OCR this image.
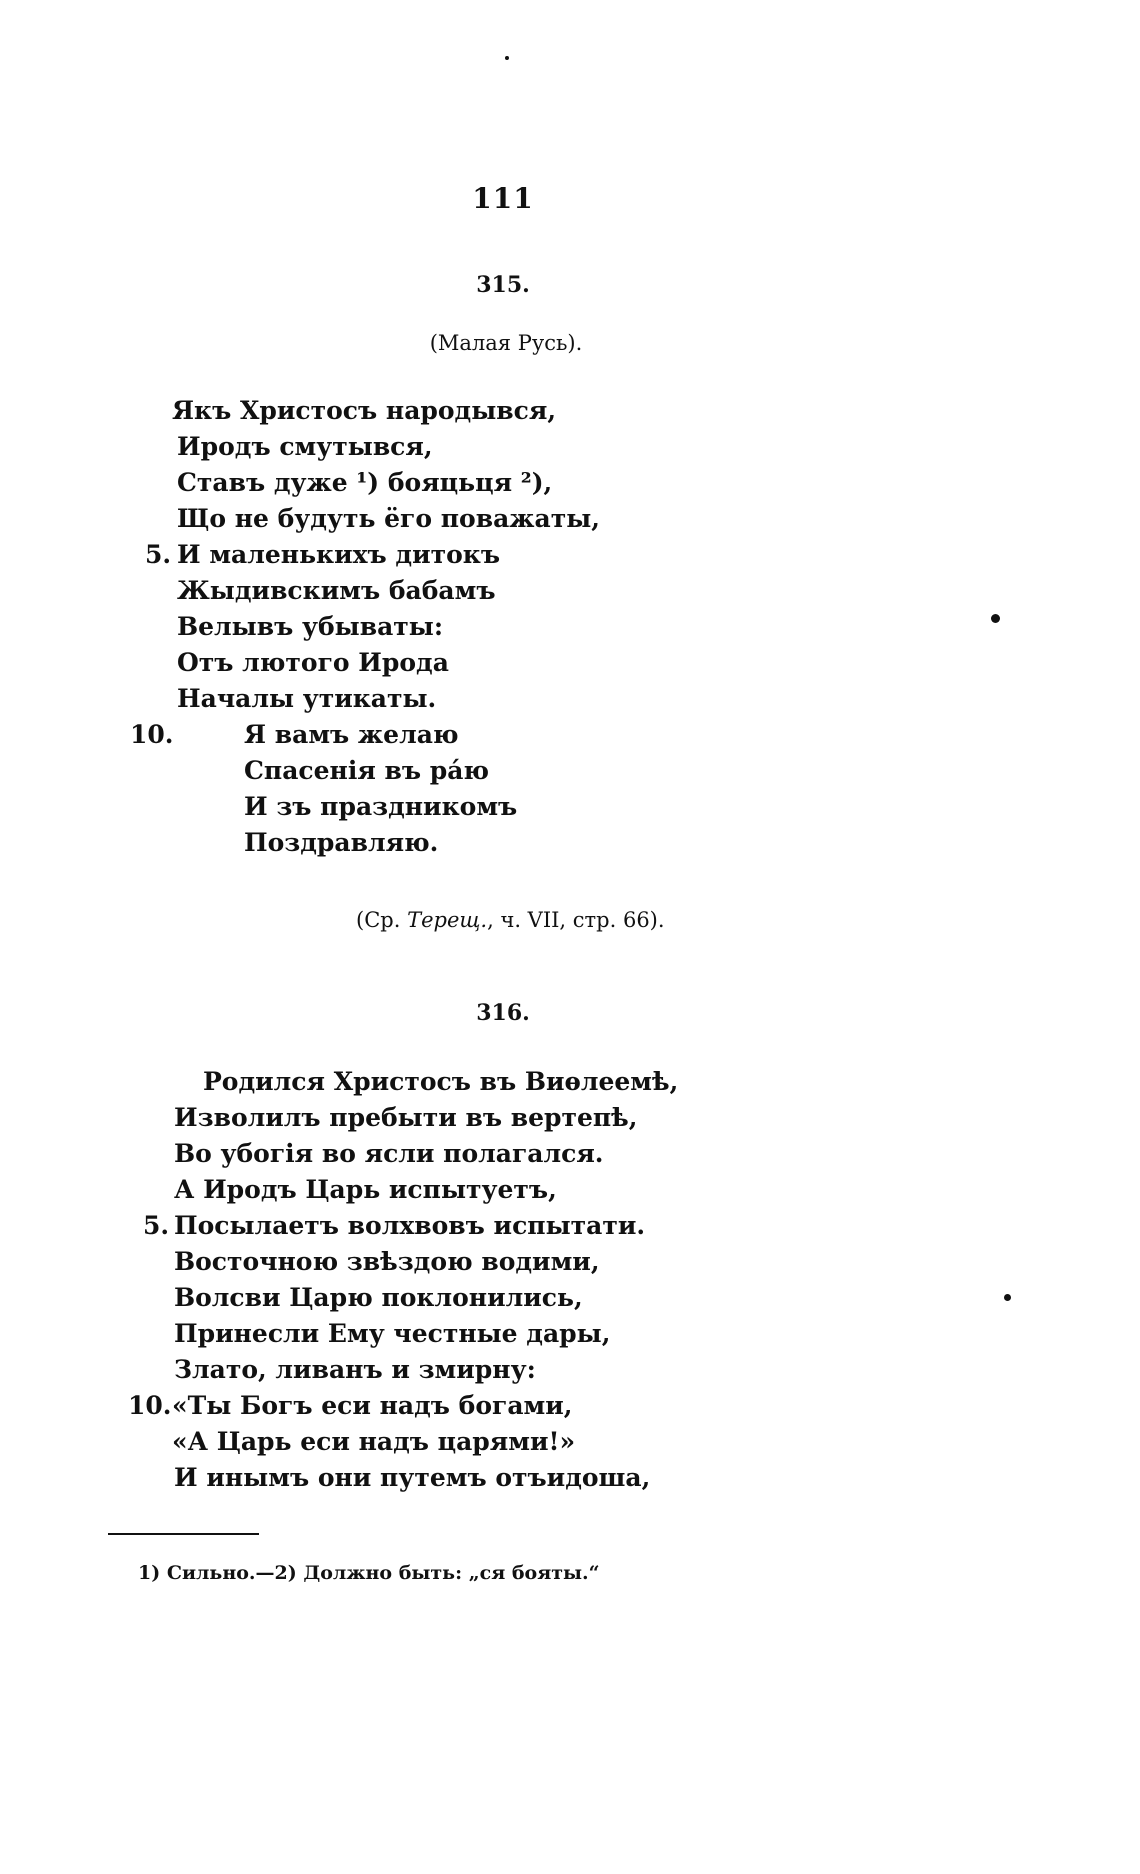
111
315.
(Малая Русь).
Якъ Христосъ народывся,
Иродъ смутывся,
Ставъ дуже ¹) бояцьця ²),
Що не будуть ёго поважаты,
5. И маленькихъ дитокъ
Жыдивскимъ бабамъ
Велывъ убываты:
Отъ лютого Ирода
Началы утикаты.
10.	Я вамъ желаю
Спасенія въ ра́ю
И зъ праздникомъ
Поздравляю.
(Ср. Терещ., ч. VII, стр. 66).
316.
Родился Христосъ въ Виѳлеемѣ,
Изволилъ пребыти въ вертепѣ,
Во убогія во ясли полагался.
А Иродъ Царь испытуетъ,
5. Посылаетъ волхвовъ испытати.
Восточною звѣздою водими,
Волсви Царю поклонились,
Принесли Ему честные дары,
Злато, ливанъ и змирну:
10. «Ты Богъ еси надъ богами,
«А Царь еси надъ царями!»
И инымъ они путемъ отъидоша,
1) Сильно.—2) Должно быть: „ся бояты.“
